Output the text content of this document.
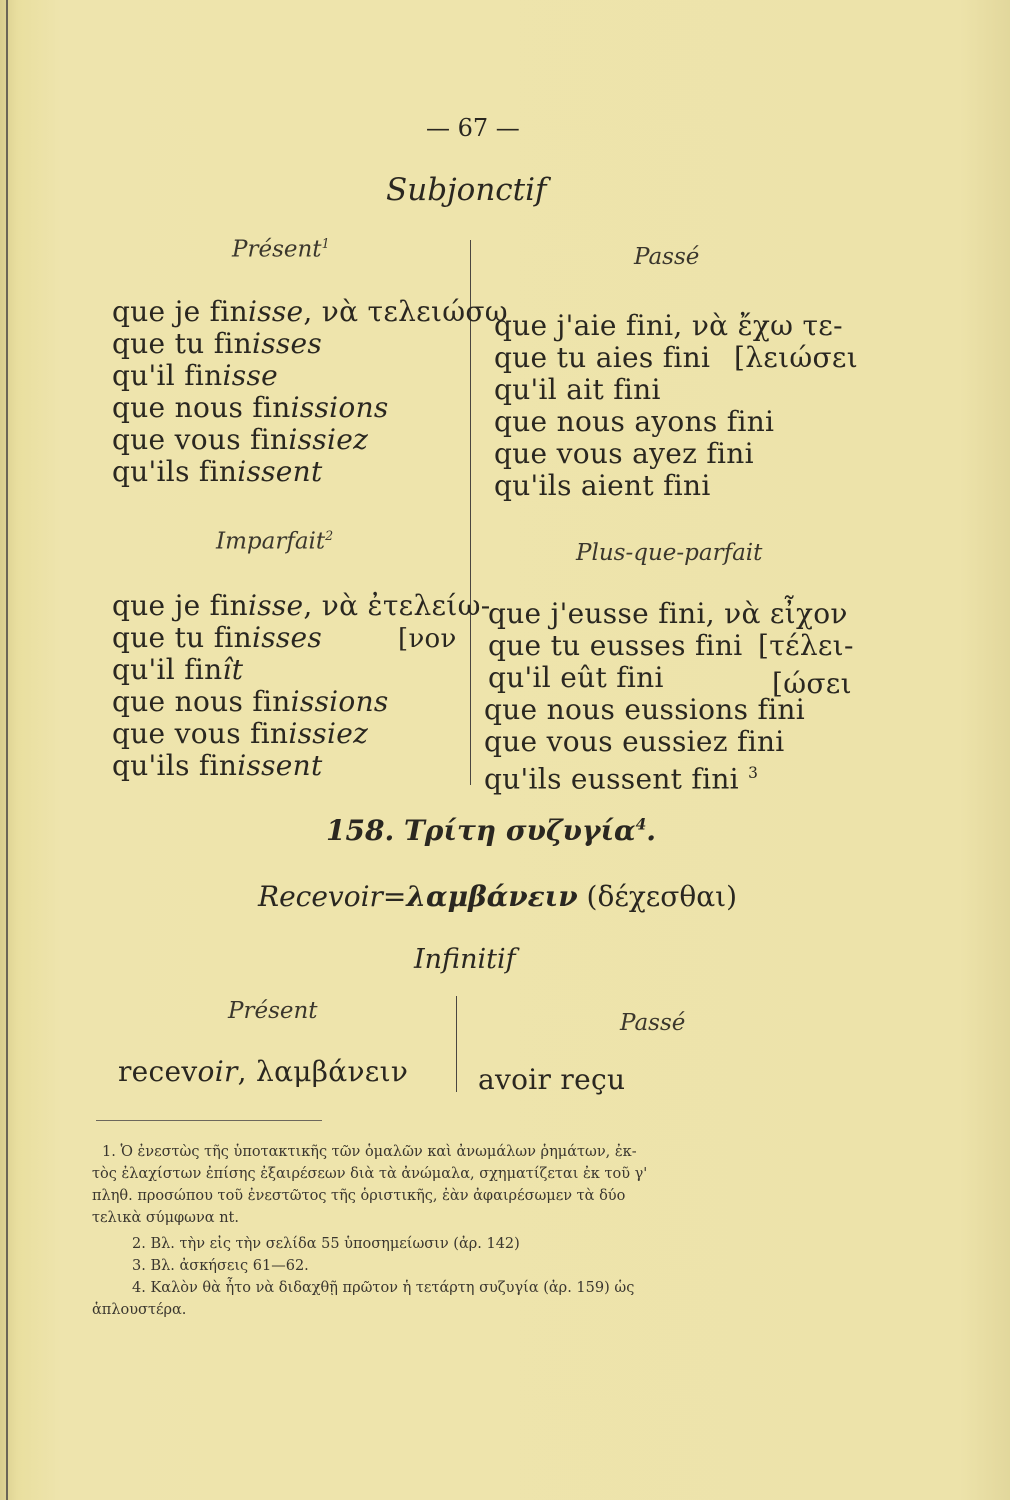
— 67 —
Subjonctif
Présent$^1$
que je finisse, νὰ τελειώσω
que tu finisses
qu'il finisse
que nous finissions
que vous finissiez
qu'ils finissent
Imparfait$^2$
que je finisse, νὰ ἐτελείω-
que tu finisses	[νον
qu'il finît
que nous finissions
que vous finissiez
qu'ils finissent
Passé
que j'aie fini, νὰ ἔχω τε-
que tu aies fini [λειώσει
qu'il ait fini
que nous ayons fini
que vous ayez fini
qu'ils aient fini
Plus-que-parfait
que j'eusse fini, νὰ εἶχον
que tu eusses fini [τέλει-
qu'il eût fini	[ώσει
que nous eussions fini
que vous eussiez fini
qu'ils eussent fini $^3$
158. Τρίτη συζυγία$^4$.
Recevoir=λαμβάνειν (δέχεσθαι)
Infinitif
Présent	Passé
recevoir, λαμβάνειν avoir reçu
1. Ὁ ἐνεστὼς τῆς ὑποτακτικῆς τῶν ὁμαλῶν καὶ ἀνωμάλων ῥημάτων, ἐκ-
τὸς ἐλαχίστων ἐπίσης ἐξαιρέσεων διὰ τὰ ἀνώμαλα, σχηματίζεται ἐκ τοῦ γ'
πληθ. προσώπου τοῦ ἐνεστῶτος τῆς ὁριστικῆς, ἐὰν ἀφαιρέσωμεν τὰ δύο
τελικὰ σύμφωνα nt.
2. Βλ. τὴν εἰς τὴν σελίδα 55 ὑποσημείωσιν (ἀρ. 142)
3. Βλ. ἀσκήσεις 61—62.
4. Καλὸν θὰ ἦτο νὰ διδαχθῇ πρῶτον ἡ τετάρτη συζυγία (ἀρ. 159) ὡς
ἁπλουστέρα.
